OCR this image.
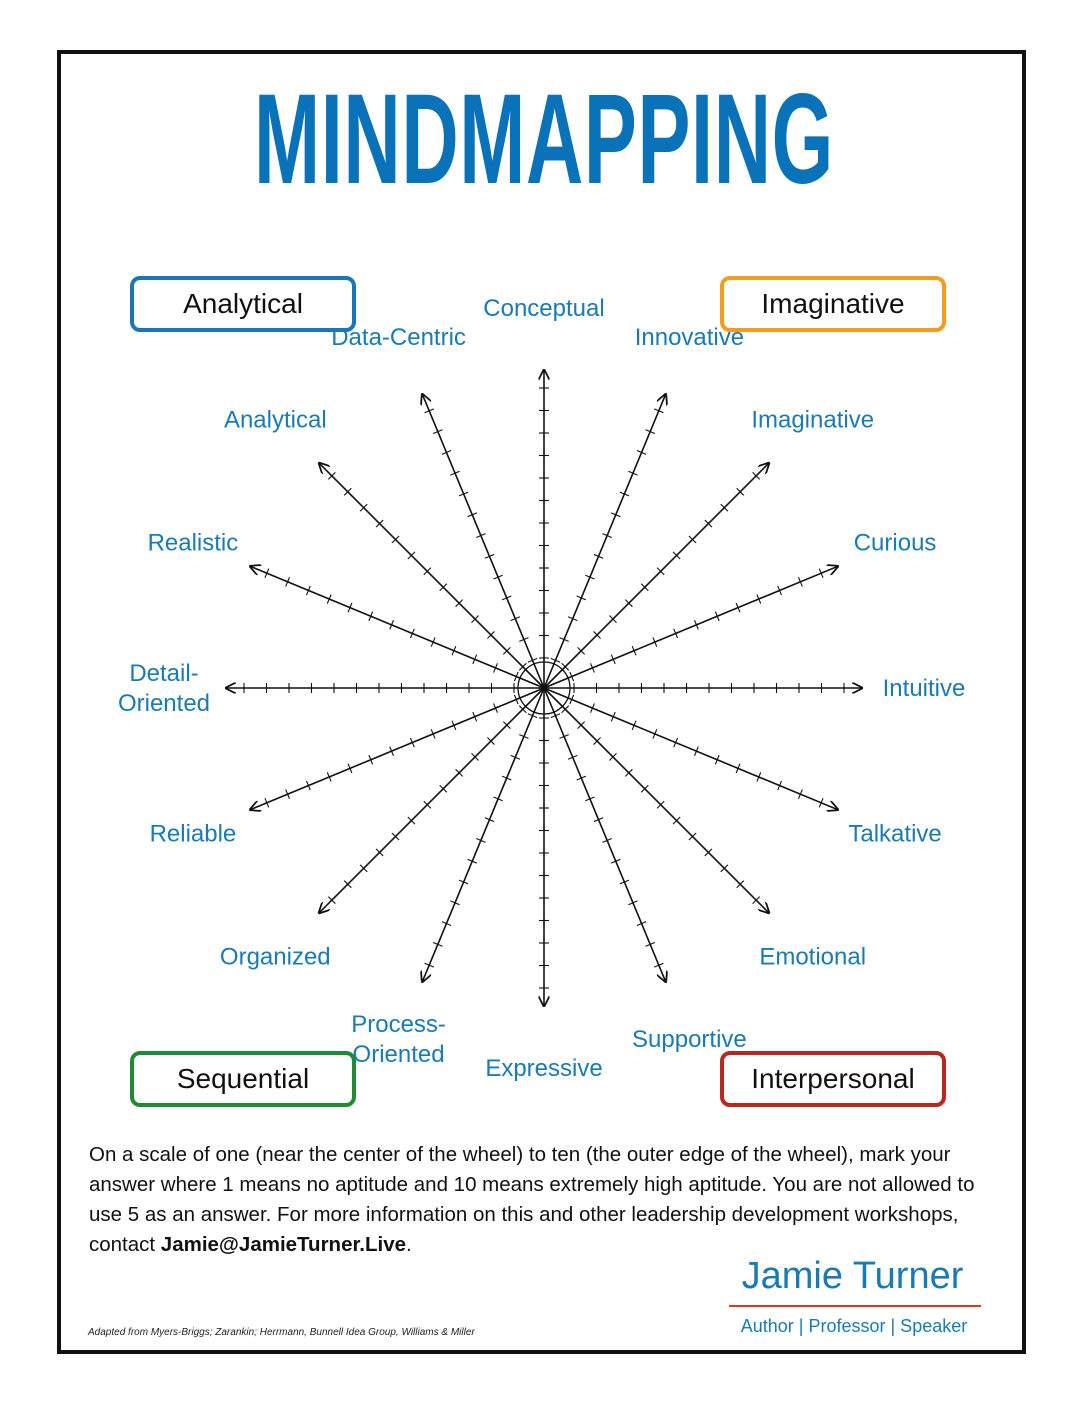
MINDMAPPING
Analytical	Imaginative
Sequential	Interpersonal
Conceptual
Innovative
Imaginative
Curious
Intuitive
Talkative
Emotional
Supportive
Expressive
Process-Oriented
Organized
Reliable
Detail-Oriented
Realistic
Analytical
Data-Centric
On a scale of one (near the center of the wheel) to ten (the outer edge of the wheel), mark your answer where 1 means no aptitude and 10 means extremely high aptitude. You are not allowed to use 5 as an answer. For more information on this and other leadership development workshops, contact Jamie@JamieTurner.Live.
Jamie Turner
Author | Professor | Speaker
Adapted from Myers-Briggs; Zarankin; Herrmann, Bunnell Idea Group, Williams & Miller
